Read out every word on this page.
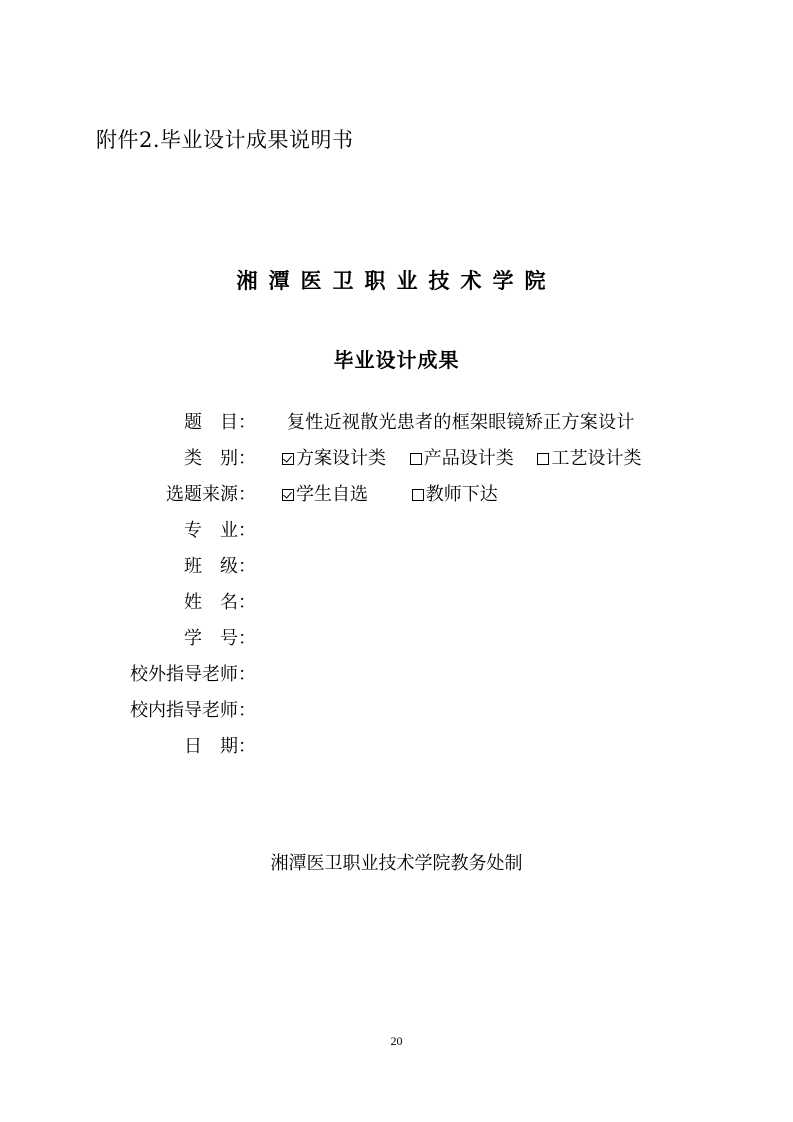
附件2.毕业设计成果说明书
湘潭医卫职业技术学院
毕业设计成果
题　目： 复性近视散光患者的框架眼镜矫正方案设计
类　别：	方案设计类 产品设计类 工艺设计类
选题来源：	学生自选	教师下达
专　业：
班　级：
姓　名：
学　号：
校外指导老师：
校内指导老师：
日　期：
湘潭医卫职业技术学院教务处制
20
